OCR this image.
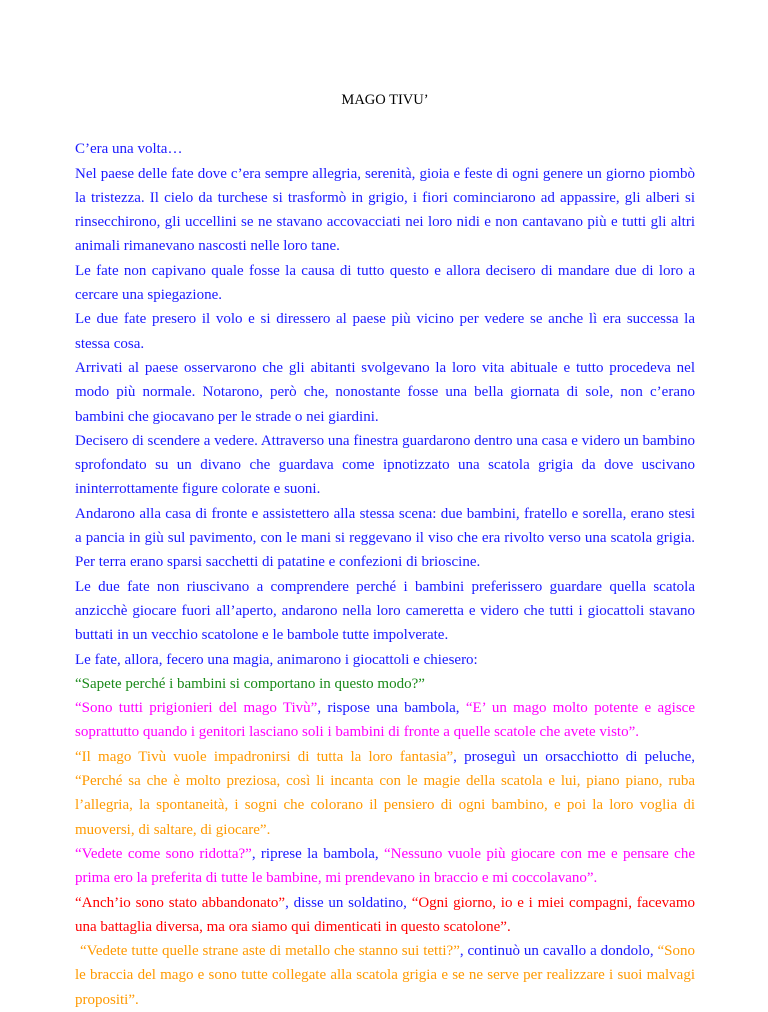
MAGO TIVU’

C’era una volta…

Nel paese delle fate dove c’era sempre allegria, serenità, gioia e feste di ogni genere un giorno piombò la tristezza. Il cielo da turchese si trasformò in grigio, i fiori cominciarono ad appassire, gli alberi si rinsecchirono, gli uccellini se ne stavano accovacciati nei loro nidi e non cantavano più e tutti gli altri animali rimanevano nascosti nelle loro tane.

Le fate non capivano quale fosse la causa di tutto questo e allora decisero di mandare due di loro a cercare una spiegazione.

Le due fate presero il volo e si diressero al paese più vicino per vedere se anche lì era successa la stessa cosa.

Arrivati al paese osservarono che gli abitanti svolgevano la loro vita abituale e tutto procedeva nel modo più normale. Notarono, però che, nonostante fosse una bella giornata di sole, non c’erano bambini che giocavano per le strade o nei giardini.

Decisero di scendere a vedere. Attraverso una finestra guardarono dentro una casa e videro un bambino sprofondato su un divano che guardava come ipnotizzato una scatola grigia da dove uscivano ininterrottamente figure colorate e suoni.

Andarono alla casa di fronte e assistettero alla stessa scena: due bambini, fratello e sorella, erano stesi a pancia in giù sul pavimento, con le mani si reggevano il viso che era rivolto verso una scatola grigia. Per terra erano sparsi sacchetti di patatine e confezioni di brioscine.

Le due fate non riuscivano a comprendere perché i bambini preferissero guardare quella scatola anzicchè giocare fuori all’aperto, andarono nella loro cameretta e videro che tutti i giocattoli stavano buttati in un vecchio scatolone e le bambole tutte impolverate.

Le fate, allora, fecero una magia, animarono i giocattoli e chiesero:

“Sapete perché i bambini si comportano in questo modo?”

“Sono tutti prigionieri del mago Tivù”, rispose una bambola, “E’ un mago molto potente e agisce soprattutto quando i genitori lasciano soli i bambini di fronte a quelle scatole che avete visto”.

“Il mago Tivù vuole impadronirsi di tutta la loro fantasia”, proseguì un orsacchiotto di peluche, “Perché sa che è molto preziosa, così li incanta con le magie della scatola e lui, piano piano, ruba l’allegria, la spontaneità, i sogni che colorano il pensiero di ogni bambino, e poi la loro voglia di muoversi, di saltare, di giocare”.

“Vedete come sono ridotta?”, riprese la bambola, “Nessuno vuole più giocare con me e pensare che prima ero la preferita di tutte le bambine, mi prendevano in braccio e mi coccolavano”.

“Anch’io sono stato abbandonato”, disse un soldatino, “Ogni giorno, io e i miei compagni, facevamo una battaglia diversa, ma ora siamo qui dimenticati in questo scatolone”.

“Vedete tutte quelle strane aste di metallo che stanno sui tetti?”, continuò un cavallo a dondolo, “Sono le braccia del mago e sono tutte collegate alla scatola grigia e se ne serve per realizzare i suoi malvagi propositi”.
